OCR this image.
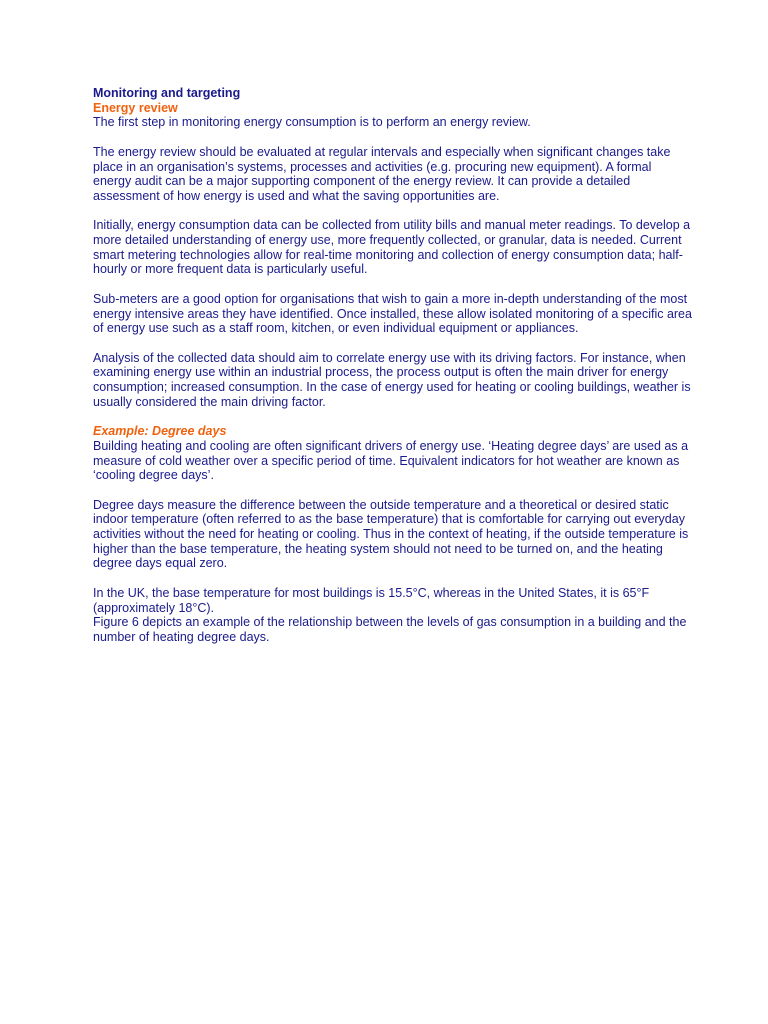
Monitoring and targeting

Energy review

The first step in monitoring energy consumption is to perform an energy review.

The energy review should be evaluated at regular intervals and especially when significant changes take place in an organisation’s systems, processes and activities (e.g. procuring new equipment). A formal energy audit can be a major supporting component of the energy review. It can provide a detailed assessment of how energy is used and what the saving opportunities are.

Initially, energy consumption data can be collected from utility bills and manual meter readings. To develop a more detailed understanding of energy use, more frequently collected, or granular, data is needed. Current smart metering technologies allow for real-time monitoring and collection of energy consumption data; half-hourly or more frequent data is particularly useful.

Sub-meters are a good option for organisations that wish to gain a more in-depth understanding of the most energy intensive areas they have identified. Once installed, these allow isolated monitoring of a specific area of energy use such as a staff room, kitchen, or even individual equipment or appliances.

Analysis of the collected data should aim to correlate energy use with its driving factors. For instance, when examining energy use within an industrial process, the process output is often the main driver for energy consumption; increased consumption. In the case of energy used for heating or cooling buildings, weather is usually considered the main driving factor.

Example: Degree days

Building heating and cooling are often significant drivers of energy use. ‘Heating degree days’ are used as a measure of cold weather over a specific period of time. Equivalent indicators for hot weather are known as ‘cooling degree days’.

Degree days measure the difference between the outside temperature and a theoretical or desired static indoor temperature (often referred to as the base temperature) that is comfortable for carrying out everyday activities without the need for heating or cooling. Thus in the context of heating, if the outside temperature is higher than the base temperature, the heating system should not need to be turned on, and the heating degree days equal zero.

In the UK, the base temperature for most buildings is 15.5°C, whereas in the United States, it is 65°F (approximately 18°C).

Figure 6 depicts an example of the relationship between the levels of gas consumption in a building and the number of heating degree days.
